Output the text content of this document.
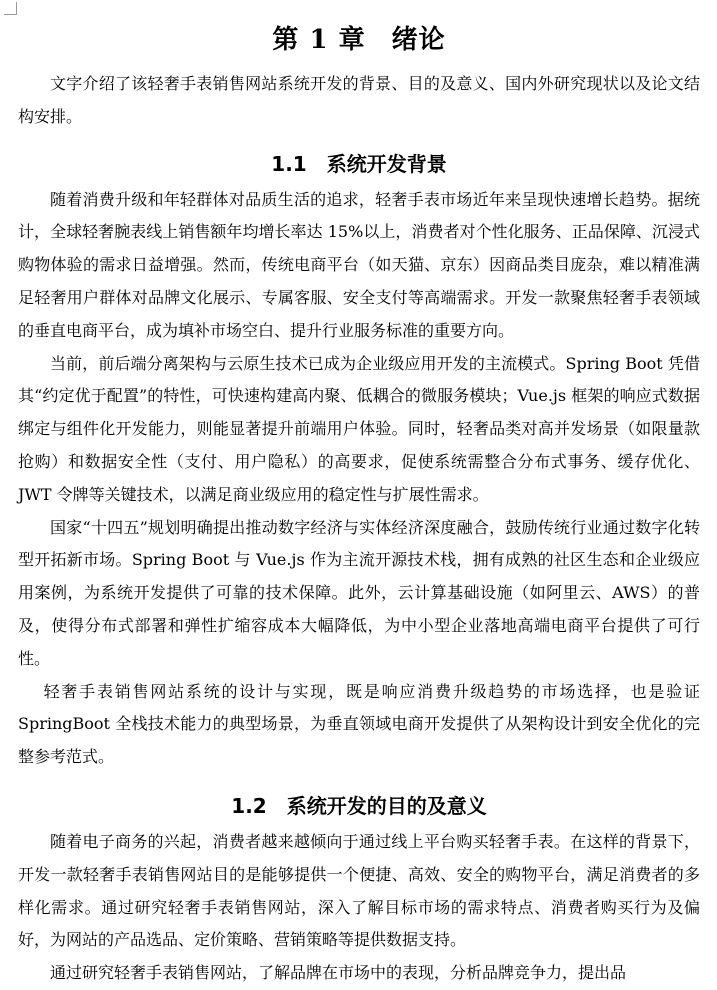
第 1 章 绪论

文字介绍了该轻奢手表销售网站系统开发的背景、目的及意义、国内外研究现状以及论文结构安排。

1.1 系统开发背景

随着消费升级和年轻群体对品质生活的追求，轻奢手表市场近年来呈现快速增长趋势。据统计，全球轻奢腕表线上销售额年均增长率达 15%以上，消费者对个性化服务、正品保障、沉浸式购物体验的需求日益增强。然而，传统电商平台（如天猫、京东）因商品类目庞杂，难以精准满足轻奢用户群体对品牌文化展示、专属客服、安全支付等高端需求。开发一款聚焦轻奢手表领域的垂直电商平台，成为填补市场空白、提升行业服务标准的重要方向。

当前，前后端分离架构与云原生技术已成为企业级应用开发的主流模式。Spring Boot 凭借其“约定优于配置”的特性，可快速构建高内聚、低耦合的微服务模块；Vue.js 框架的响应式数据绑定与组件化开发能力，则能显著提升前端用户体验。同时，轻奢品类对高并发场景（如限量款抢购）和数据安全性（支付、用户隐私）的高要求，促使系统需整合分布式事务、缓存优化、JWT 令牌等关键技术，以满足商业级应用的稳定性与扩展性需求。

国家“十四五”规划明确提出推动数字经济与实体经济深度融合，鼓励传统行业通过数字化转型开拓新市场。Spring Boot 与 Vue.js 作为主流开源技术栈，拥有成熟的社区生态和企业级应用案例，为系统开发提供了可靠的技术保障。此外，云计算基础设施（如阿里云、AWS）的普及，使得分布式部署和弹性扩缩容成本大幅降低，为中小型企业落地高端电商平台提供了可行性。

轻奢手表销售网站系统的设计与实现，既是响应消费升级趋势的市场选择，也是验证 SpringBoot 全栈技术能力的典型场景，为垂直领域电商开发提供了从架构设计到安全优化的完整参考范式。

1.2 系统开发的目的及意义

随着电子商务的兴起，消费者越来越倾向于通过线上平台购买轻奢手表。在这样的背景下，开发一款轻奢手表销售网站目的是能够提供一个便捷、高效、安全的购物平台，满足消费者的多样化需求。通过研究轻奢手表销售网站，深入了解目标市场的需求特点、消费者购买行为及偏好，为网站的产品选品、定价策略、营销策略等提供数据支持。

通过研究轻奢手表销售网站，了解品牌在市场中的表现，分析品牌竞争力，提出品
